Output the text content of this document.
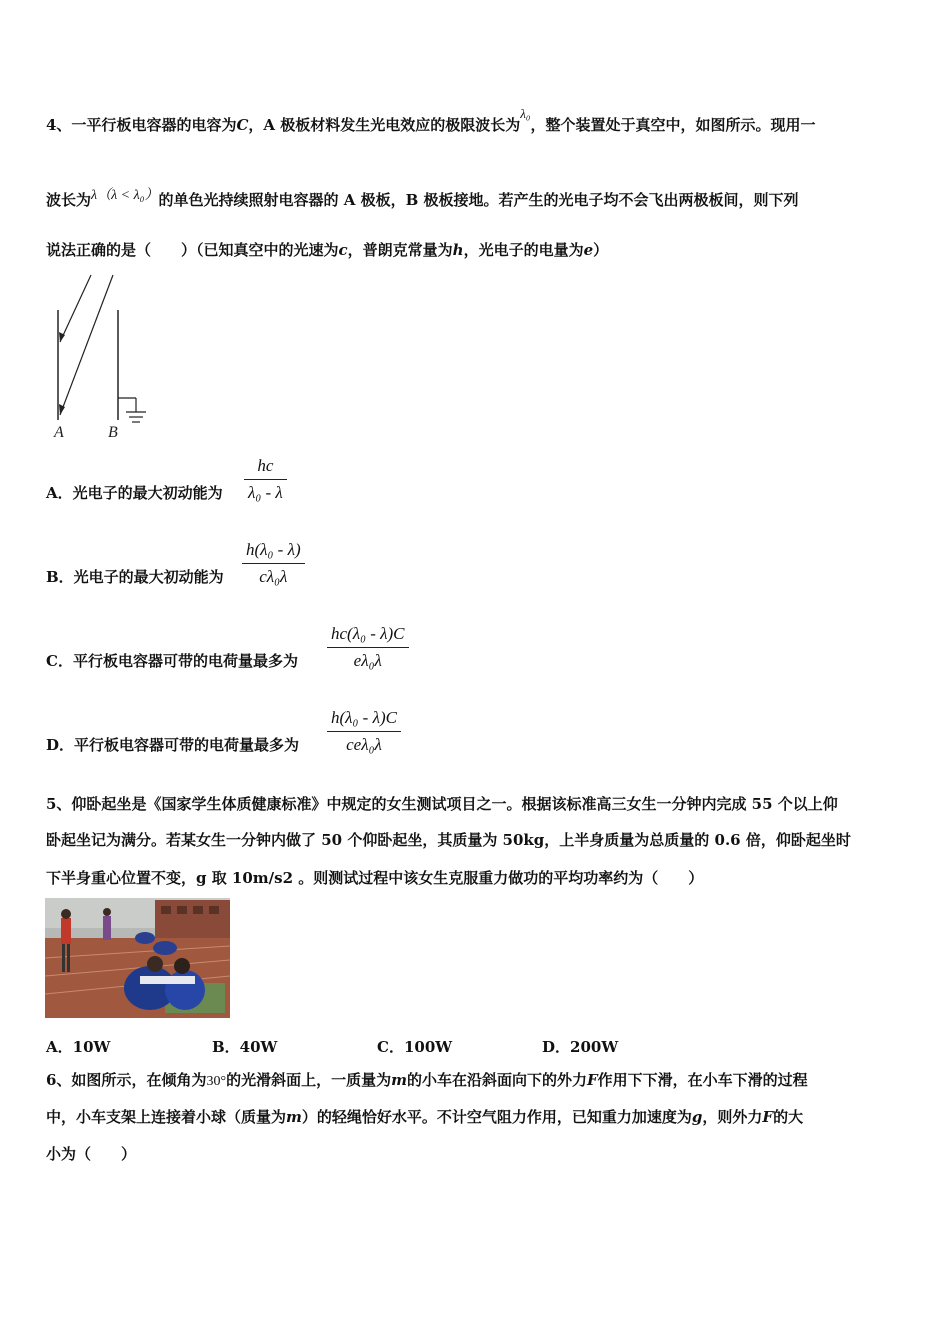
4、一平行板电容器的电容为C，A 极板材料发生光电效应的极限波长为λ₀，整个装置处于真空中，如图所示。现用一
波长为λ（λ < λ₀）的单色光持续照射电容器的 A 极板，B 极板接地。若产生的光电子均不会飞出两极板间，则下列
说法正确的是（　　）（已知真空中的光速为c，普朗克常量为h，光电子的电量为e）
A	B
A．光电子的最大初动能为
hc
λ₀ - λ
B．光电子的最大初动能为
h(λ₀ - λ)
cλ₀λ
C．平行板电容器可带的电荷量最多为
hc(λ₀ - λ)C
eλ₀λ
D．平行板电容器可带的电荷量最多为
h(λ₀ - λ)C
ceλ₀λ
5、仰卧起坐是《国家学生体质健康标准》中规定的女生测试项目之一。根据该标准高三女生一分钟内完成 55 个以上仰
卧起坐记为满分。若某女生一分钟内做了 50 个仰卧起坐，其质量为 50kg，上半身质量为总质量的 0.6 倍，仰卧起坐时
下半身重心位置不变，g 取 10m/s2 。则测试过程中该女生克服重力做功的平均功率约为（　　）
A．10W	B．40W	C．100W	D．200W
6、如图所示，在倾角为30°的光滑斜面上，一质量为m的小车在沿斜面向下的外力F作用下下滑，在小车下滑的过程
中，小车支架上连接着小球（质量为m）的轻绳恰好水平。不计空气阻力作用，已知重力加速度为g，则外力F的大
小为（　　）
